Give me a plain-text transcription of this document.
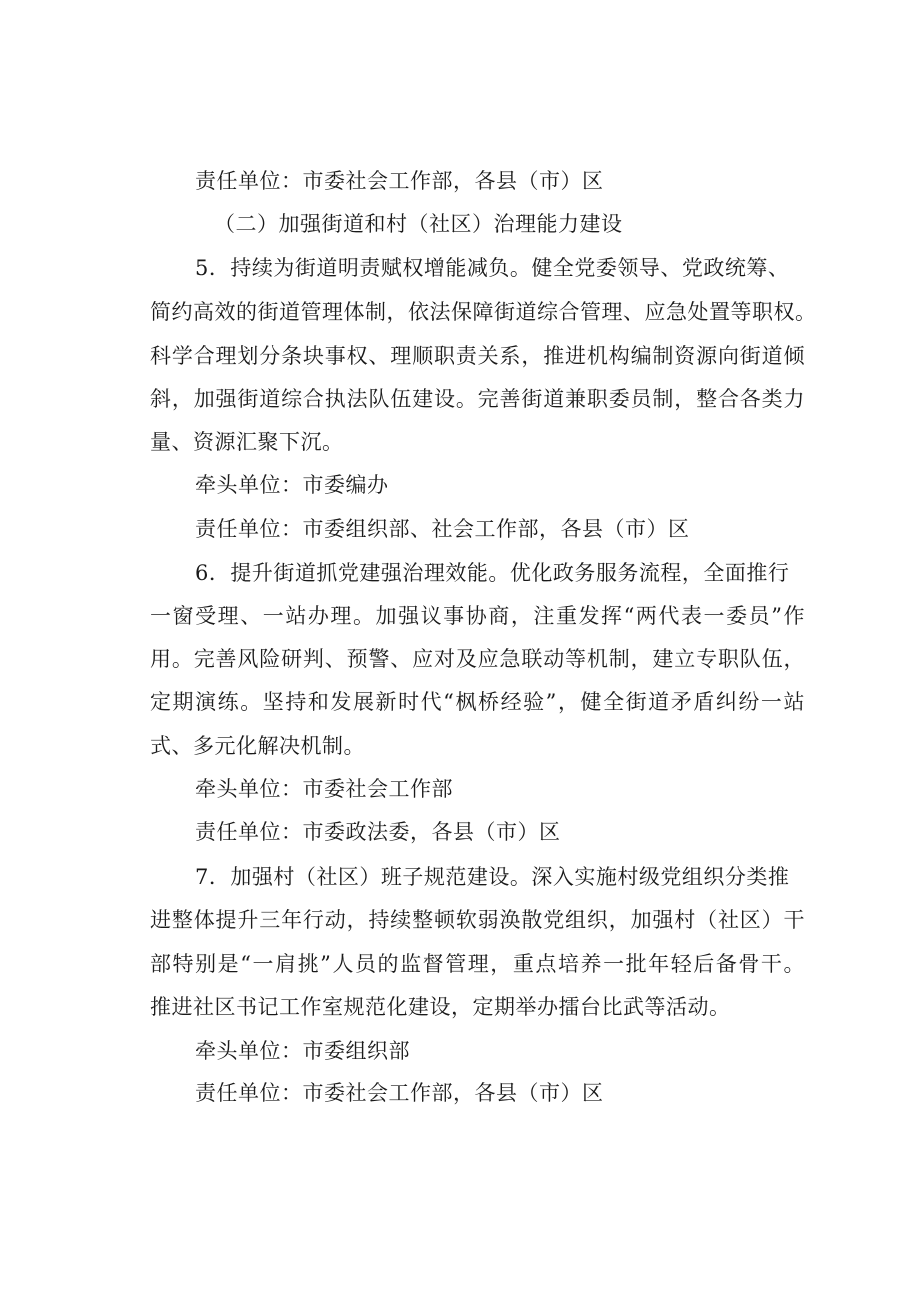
责任单位：市委社会工作部，各县（市）区
（二）加强街道和村（社区）治理能力建设
5．持续为街道明责赋权增能减负。健全党委领导、党政统筹、
简约高效的街道管理体制，依法保障街道综合管理、应急处置等职权。
科学合理划分条块事权、理顺职责关系，推进机构编制资源向街道倾
斜，加强街道综合执法队伍建设。完善街道兼职委员制，整合各类力
量、资源汇聚下沉。
牵头单位：市委编办
责任单位：市委组织部、社会工作部，各县（市）区
6．提升街道抓党建强治理效能。优化政务服务流程，全面推行
一窗受理、一站办理。加强议事协商，注重发挥“两代表一委员”作
用。完善风险研判、预警、应对及应急联动等机制，建立专职队伍，
定期演练。坚持和发展新时代“枫桥经验”，健全街道矛盾纠纷一站
式、多元化解决机制。
牵头单位：市委社会工作部
责任单位：市委政法委，各县（市）区
7．加强村（社区）班子规范建设。深入实施村级党组织分类推
进整体提升三年行动，持续整顿软弱涣散党组织，加强村（社区）干
部特别是“一肩挑”人员的监督管理，重点培养一批年轻后备骨干。
推进社区书记工作室规范化建设，定期举办擂台比武等活动。
牵头单位：市委组织部
责任单位：市委社会工作部，各县（市）区
